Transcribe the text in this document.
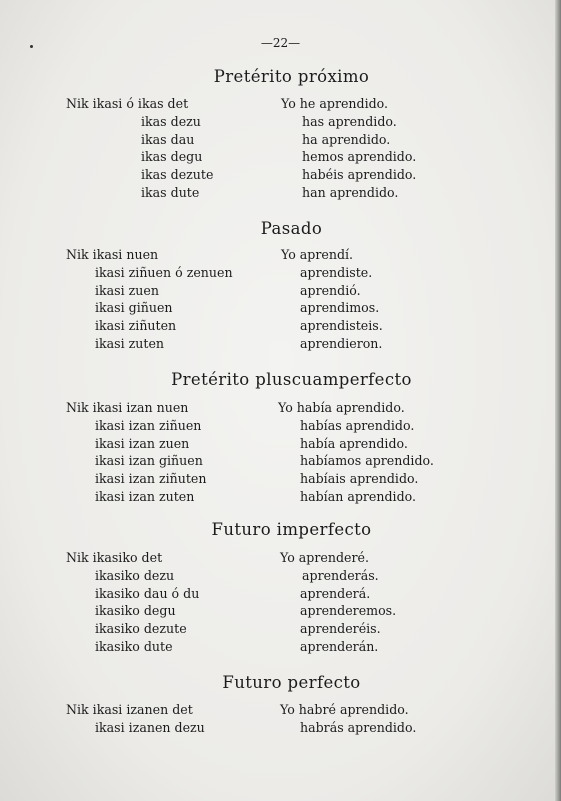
—22—
Pretérito próximo
Nik ikasi ó ikas det	Yo he aprendido.
ikas dezu	has aprendido.
ikas dau	ha aprendido.
ikas degu	hemos aprendido.
ikas dezute	habéis aprendido.
ikas dute	han aprendido.
Pasado
Nik ikasi nuen	Yo aprendí.
ikasi ziñuen ó zenuen	aprendiste.
ikasi zuen	aprendió.
ikasi giñuen	aprendimos.
ikasi ziñuten	aprendisteis.
ikasi zuten	aprendieron.
Pretérito pluscuamperfecto
Nik ikasi izan nuen	Yo había aprendido.
ikasi izan ziñuen	habías aprendido.
ikasi izan zuen	había aprendido.
ikasi izan giñuen	habíamos aprendido.
ikasi izan ziñuten	habíais aprendido.
ikasi izan zuten	habían aprendido.
Futuro imperfecto
Nik ikasiko det	Yo aprenderé.
ikasiko dezu	aprenderás.
ikasiko dau ó du	aprenderá.
ikasiko degu	aprenderemos.
ikasiko dezute	aprenderéis.
ikasiko dute	aprenderán.
Futuro perfecto
Nik ikasi izanen det	Yo habré aprendido.
ikasi izanen dezu	habrás aprendido.
